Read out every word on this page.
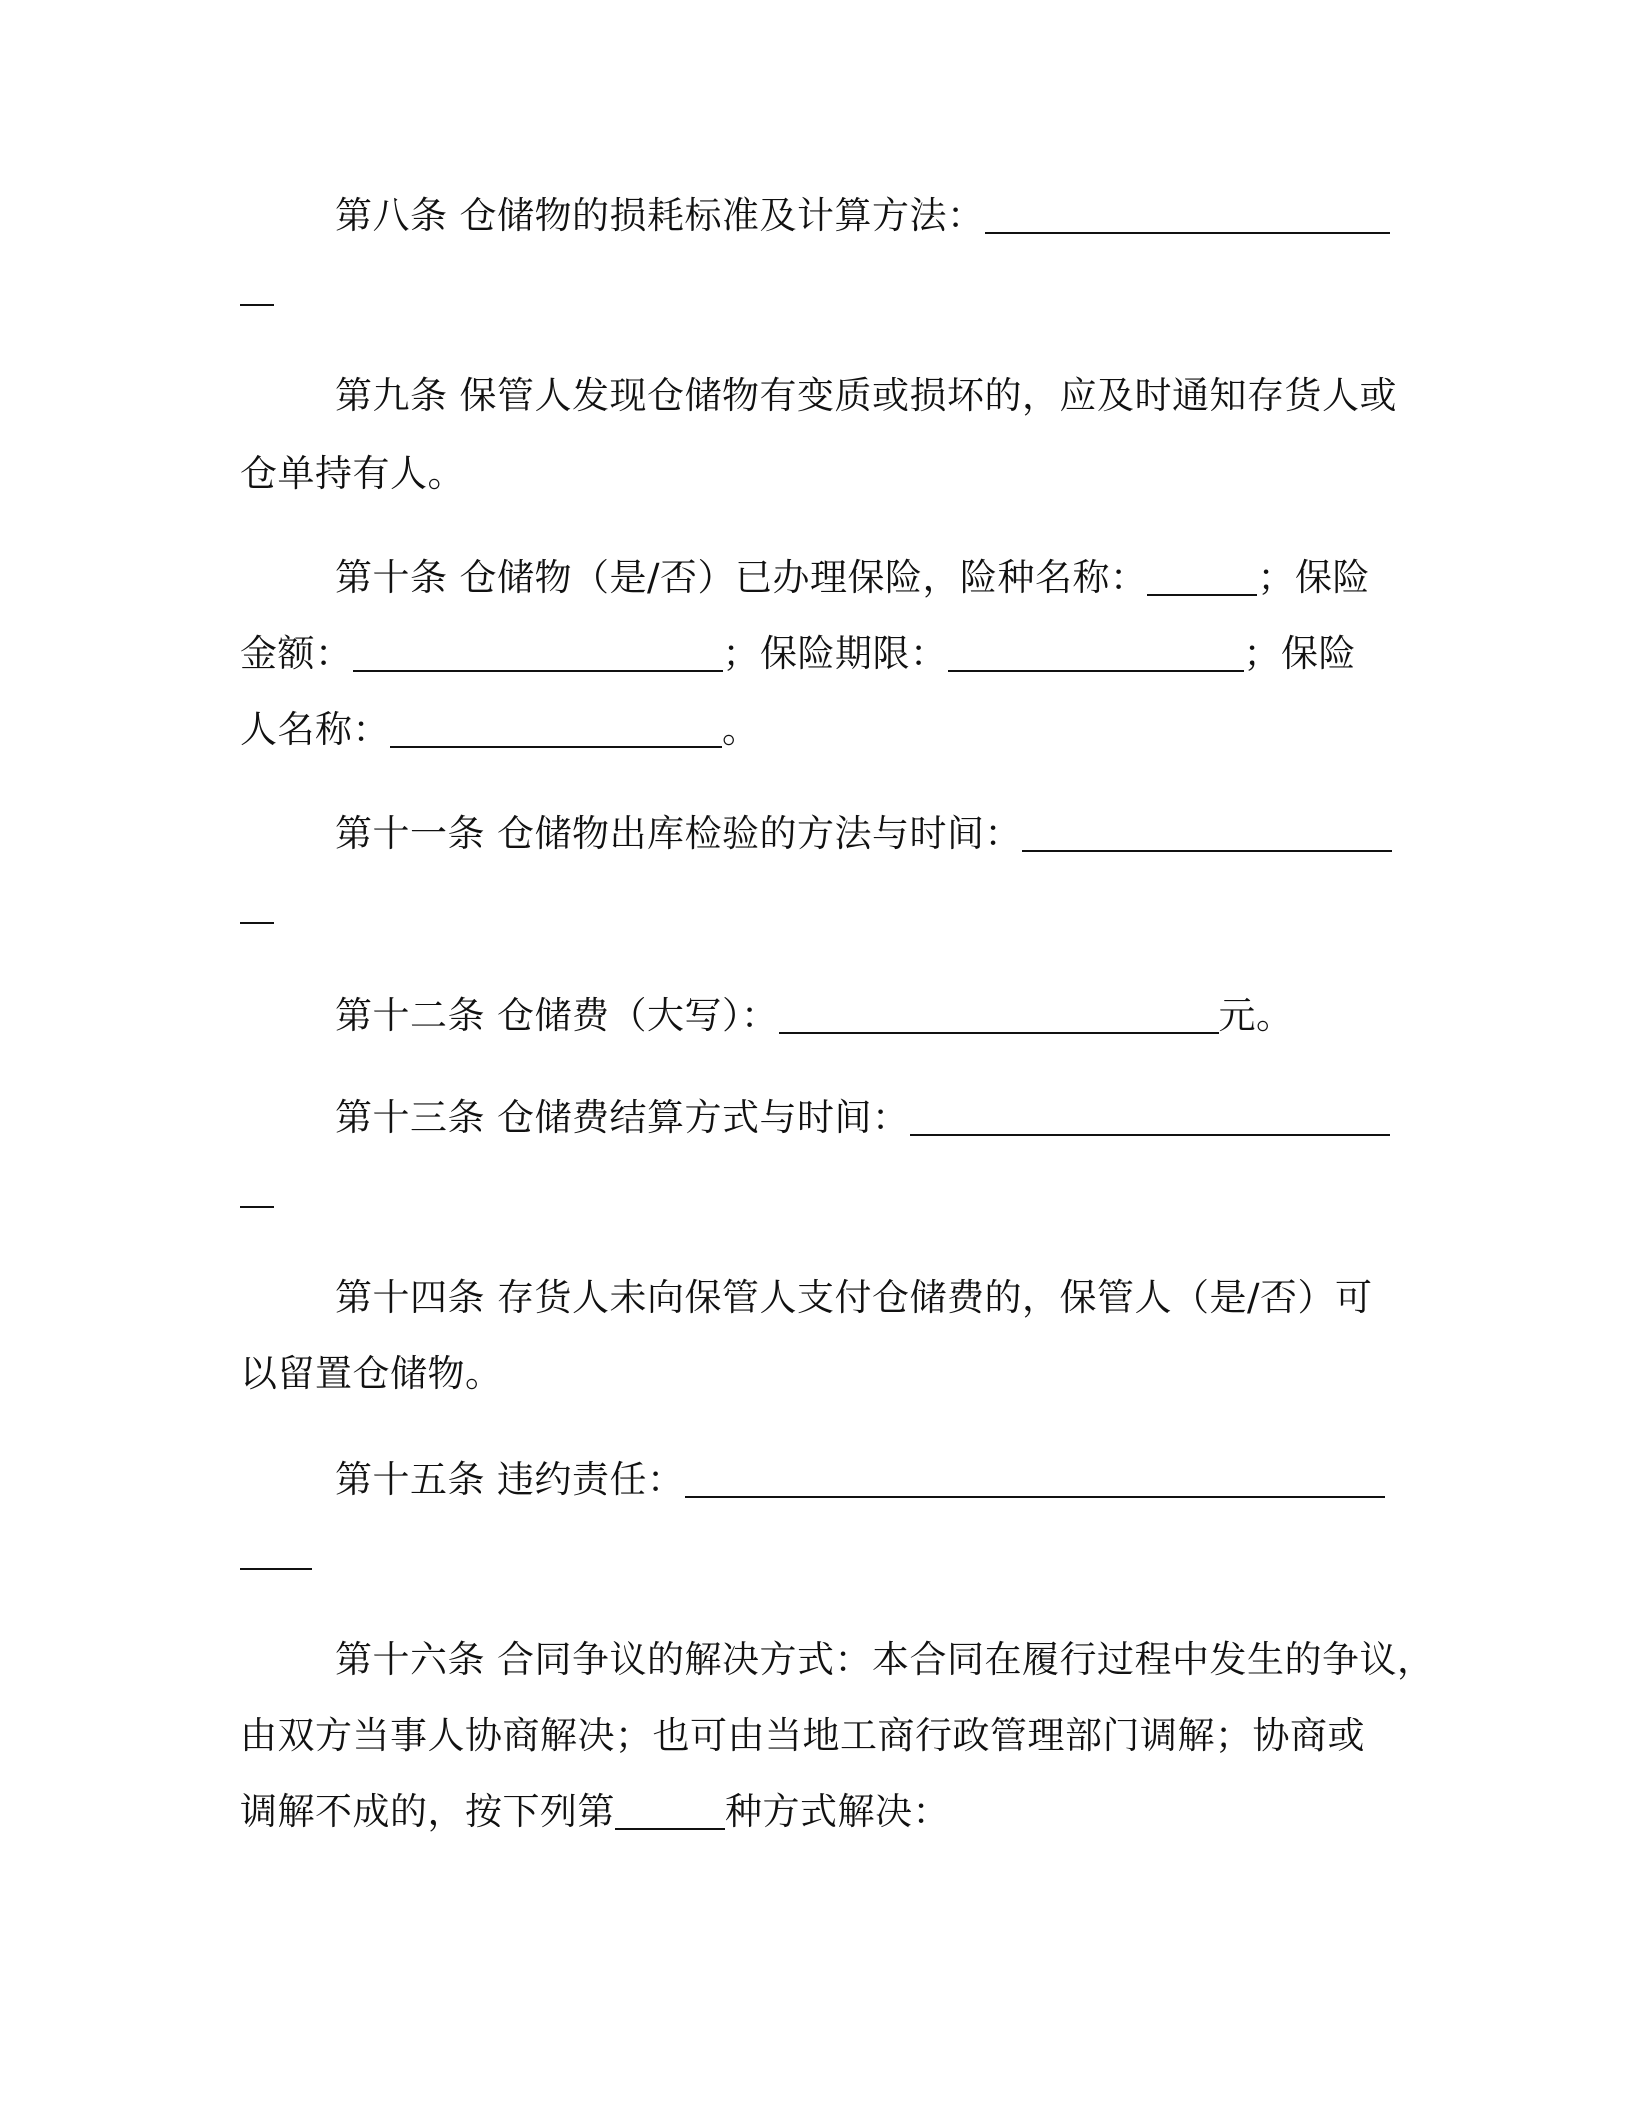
第八条 仓储物的损耗标准及计算方法：
第九条 保管人发现仓储物有变质或损坏的，应及时通知存货人或
仓单持有人。
第十条 仓储物（是/否）已办理保险，险种名称：	；保险
金额：	；保险期限：	；保险
人名称：	。
第十一条 仓储物出库检验的方法与时间：
第十二条 仓储费（大写）：	元。
第十三条 仓储费结算方式与时间：
第十四条 存货人未向保管人支付仓储费的，保管人（是/否）可
以留置仓储物。
第十五条 违约责任：
第十六条 合同争议的解决方式：本合同在履行过程中发生的争议，
由双方当事人协商解决；也可由当地工商行政管理部门调解；协商或
调解不成的，按下列第	种方式解决：
